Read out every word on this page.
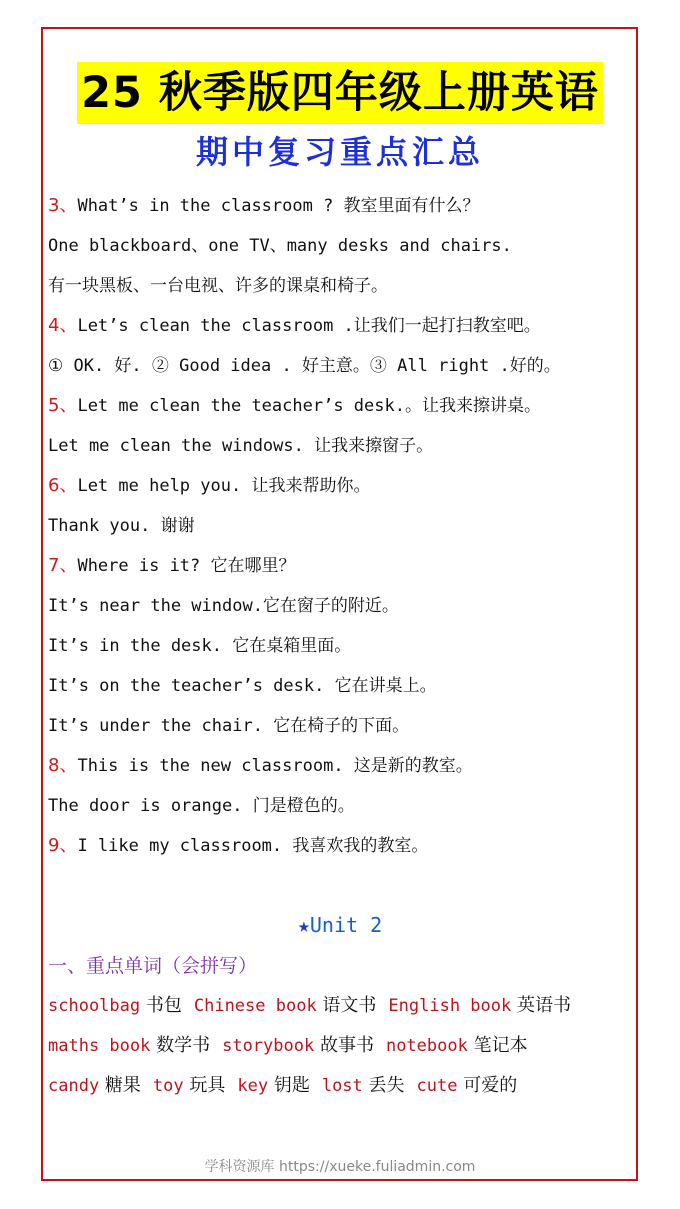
25 秋季版四年级上册英语
期中复习重点汇总
3、What’s in the classroom ? 教室里面有什么？
One blackboard、one TV、many desks and chairs.
有一块黑板、一台电视、许多的课桌和椅子。
4、Let’s clean the classroom .让我们一起打扫教室吧。
① OK. 好. ② Good idea . 好主意。③ All right .好的。
5、Let me clean the teacher’s desk.。让我来擦讲桌。
Let me clean the windows. 让我来擦窗子。
6、Let me help you. 让我来帮助你。
Thank you. 谢谢
7、Where is it? 它在哪里？
It’s near the window.它在窗子的附近。
It’s in the desk. 它在桌箱里面。
It’s on the teacher’s desk. 它在讲桌上。
It’s under the chair. 它在椅子的下面。
8、This is the new classroom. 这是新的教室。
The door is orange. 门是橙色的。
9、I like my classroom. 我喜欢我的教室。
★Unit 2
一、重点单词（会拼写）
schoolbag 书包 Chinese book 语文书 English book 英语书
maths book 数学书 storybook 故事书 notebook 笔记本
candy 糖果 toy 玩具 key 钥匙 lost 丢失 cute 可爱的
学科资源库 https://xueke.fuliadmin.com
